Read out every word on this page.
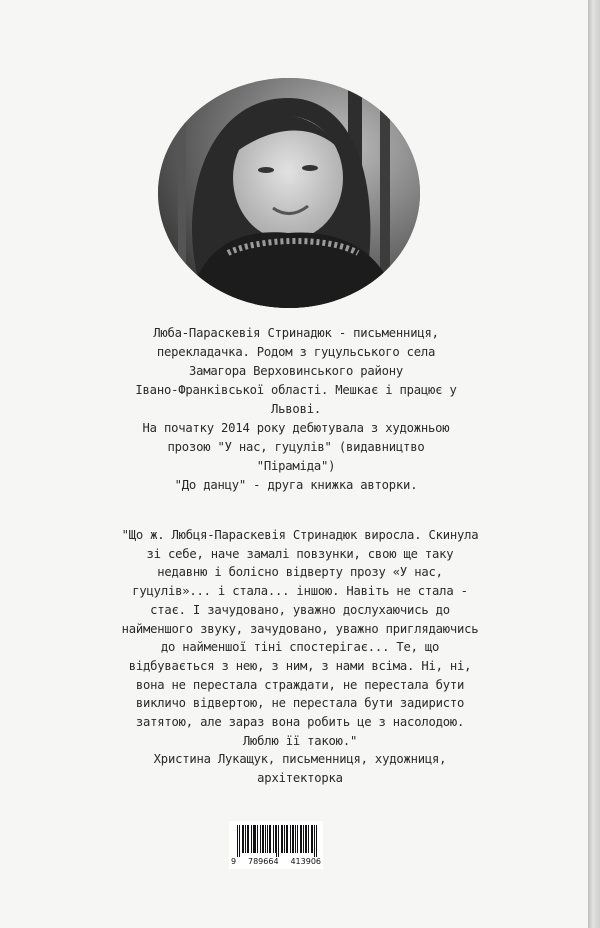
Люба-Параскевія Стринадюк - письменниця,
перекладачка. Родом з гуцульського села
Замагора Верховинського району
Івано-Франківської області. Мешкає і працює у
Львові.
На початку 2014 року дебютувала з художньою
прозою "У нас, гуцулів" (видавництво
"Піраміда")
"До данцу" - друга книжка авторки.
"Що ж. Любця-Параскевія Стринадюк виросла. Скинула
зі себе, наче замалі повзунки, свою ще таку
недавню і болісно відверту прозу «У нас,
гуцулів»... і стала... іншою. Навіть не стала -
стає. І зачудовано, уважно дослухаючись до
найменшого звуку, зачудовано, уважно приглядаючись
до найменшої тіні спостерігає... Те, що
відбувається з нею, з ним, з нами всіма. Ні, ні,
вона не перестала страждати, не перестала бути
викличо відвертою, не перестала бути задиристо
затятою, але зараз вона робить це з насолодою.
Люблю її такою."
Христина Лукащук, письменниця, художниця,
архітекторка
9 789664 413906
